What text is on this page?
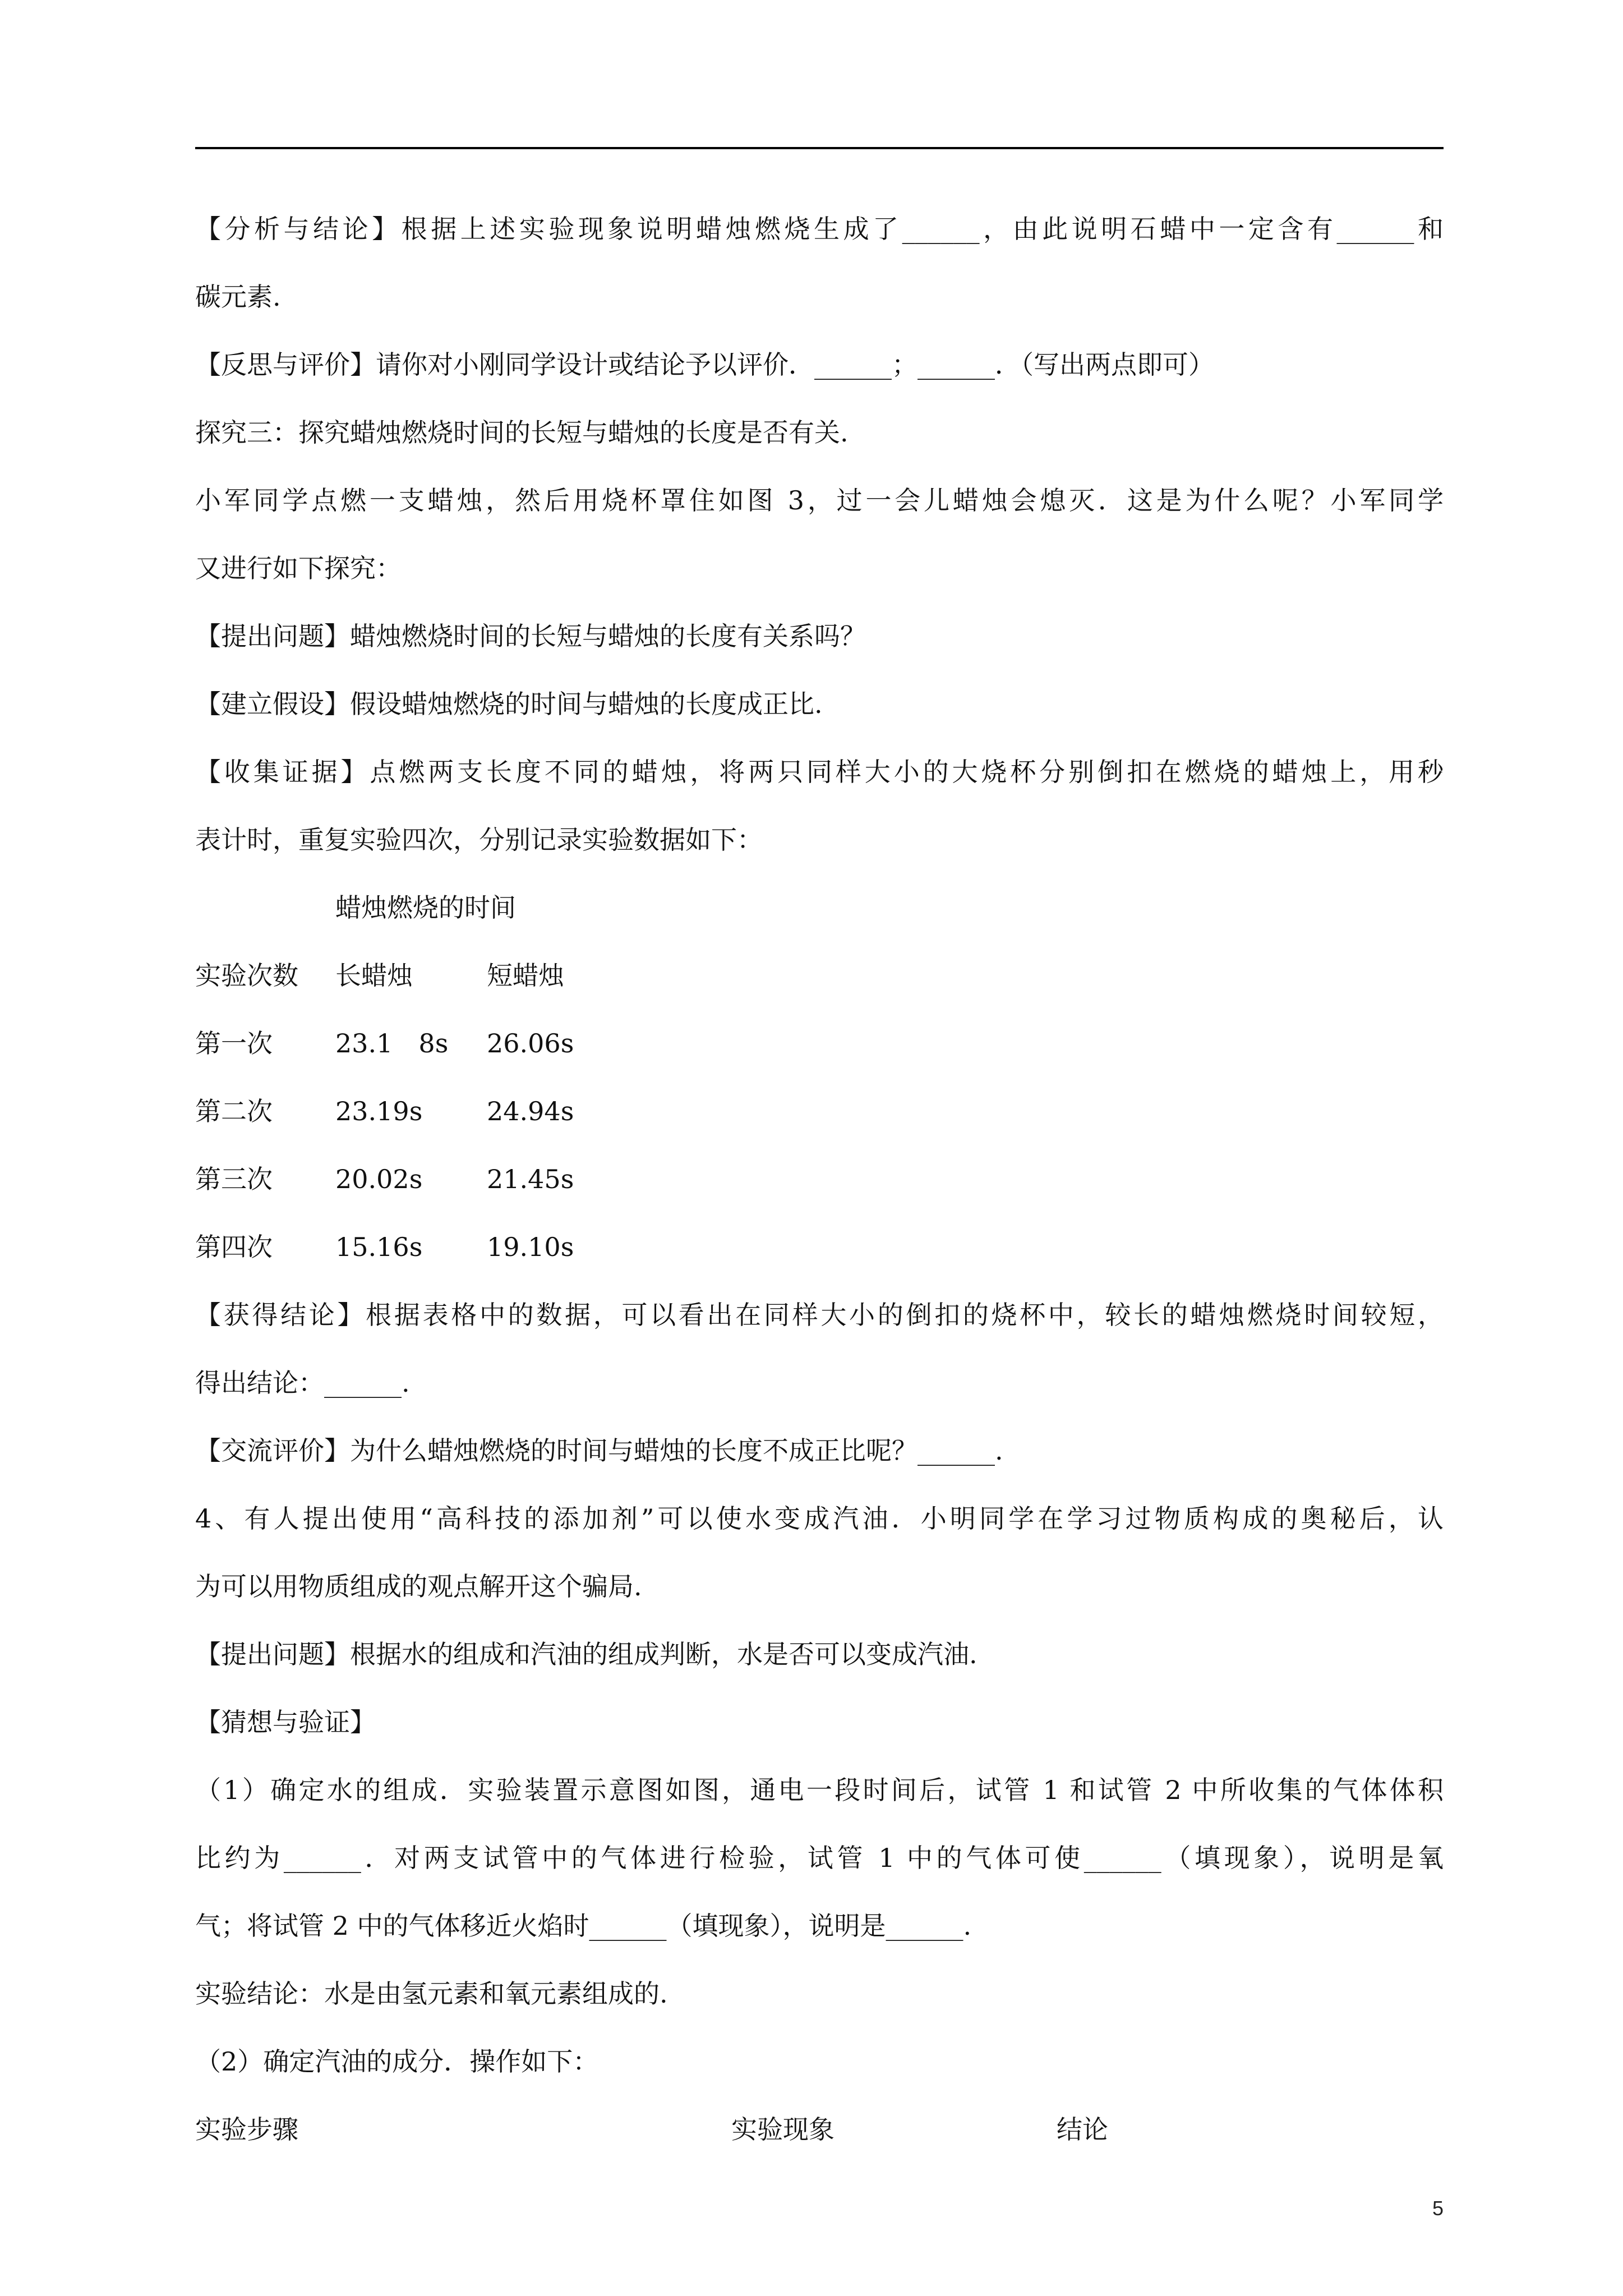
【分析与结论】根据上述实验现象说明蜡烛燃烧生成了______，由此说明石蜡中一定含有______和
碳元素.
【反思与评价】请你对小刚同学设计或结论予以评价．______；______．（写出两点即可）
探究三：探究蜡烛燃烧时间的长短与蜡烛的长度是否有关.
小军同学点燃一支蜡烛，然后用烧杯罩住如图 3，过一会儿蜡烛会熄灭．这是为什么呢？小军同学
又进行如下探究：
【提出问题】蜡烛燃烧时间的长短与蜡烛的长度有关系吗？
【建立假设】假设蜡烛燃烧的时间与蜡烛的长度成正比.
【收集证据】点燃两支长度不同的蜡烛，将两只同样大小的大烧杯分别倒扣在燃烧的蜡烛上，用秒
表计时，重复实验四次，分别记录实验数据如下：
蜡烛燃烧的时间
实验次数 长蜡烛	短蜡烛
第一次 23.1　8s 26.06s
第二次 23.19s 24.94s
第三次 20.02s 21.45s
第四次 15.16s 19.10s
【获得结论】根据表格中的数据，可以看出在同样大小的倒扣的烧杯中，较长的蜡烛燃烧时间较短，
得出结论：______.
【交流评价】为什么蜡烛燃烧的时间与蜡烛的长度不成正比呢？______.
4、有人提出使用“高科技的添加剂”可以使水变成汽油．小明同学在学习过物质构成的奥秘后，认
为可以用物质组成的观点解开这个骗局.
【提出问题】根据水的组成和汽油的组成判断，水是否可以变成汽油.
【猜想与验证】
（1）确定水的组成．实验装置示意图如图，通电一段时间后，试管 1 和试管 2 中所收集的气体体积
比约为______．对两支试管中的气体进行检验，试管 1 中的气体可使______（填现象），说明是氧
气；将试管 2 中的气体移近火焰时______（填现象），说明是______.
实验结论：水是由氢元素和氧元素组成的.
（2）确定汽油的成分．操作如下：
实验步骤	实验现象	结论
5
